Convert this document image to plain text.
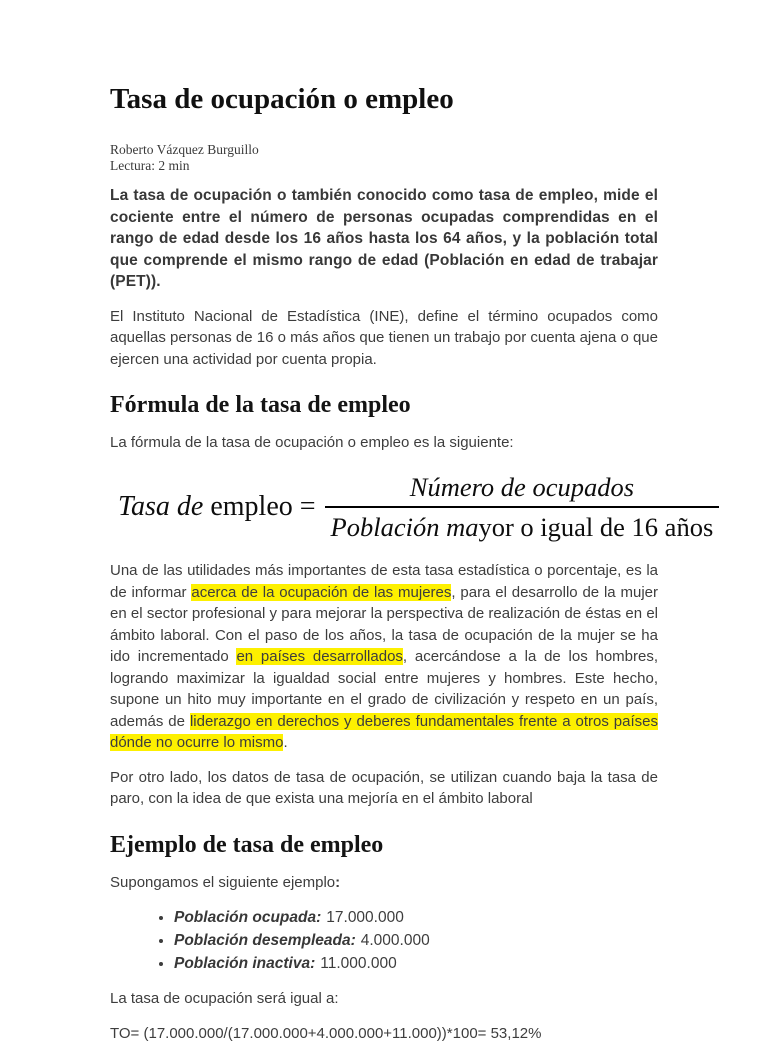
Tasa de ocupación o empleo
Roberto Vázquez Burguillo
Lectura: 2 min

La tasa de ocupación o también conocido como tasa de empleo, mide el cociente entre el número de personas ocupadas comprendidas en el rango de edad desde los 16 años hasta los 64 años, y la población total que comprende el mismo rango de edad (Población en edad de trabajar (PET)).

El Instituto Nacional de Estadística (INE), define el término ocupados como aquellas personas de 16 o más años que tienen un trabajo por cuenta ajena o que ejercen una actividad por cuenta propia.

Fórmula de la tasa de empleo

La fórmula de la tasa de ocupación o empleo es la siguiente:

Tasa de empleo = $\frac{\text{Número de ocupados}}{\text{Población mayor o igual de 16 años}}$

Una de las utilidades más importantes de esta tasa estadística o porcentaje, es la de informar acerca de la ocupación de las mujeres, para el desarrollo de la mujer en el sector profesional y para mejorar la perspectiva de realización de éstas en el ámbito laboral. Con el paso de los años, la tasa de ocupación de la mujer se ha ido incrementado en países desarrollados, acercándose a la de los hombres, logrando maximizar la igualdad social entre mujeres y hombres. Este hecho, supone un hito muy importante en el grado de civilización y respeto en un país, además de liderazgo en derechos y deberes fundamentales frente a otros países dónde no ocurre lo mismo.

Por otro lado, los datos de tasa de ocupación, se utilizan cuando baja la tasa de paro, con la idea de que exista una mejoría en el ámbito laboral

Ejemplo de tasa de empleo

Supongamos el siguiente ejemplo:

• Población ocupada: 17.000.000
• Población desempleada: 4.000.000
• Población inactiva: 11.000.000

La tasa de ocupación será igual a:

TO= (17.000.000/(17.000.000+4.000.000+11.000))*100= 53,12%
